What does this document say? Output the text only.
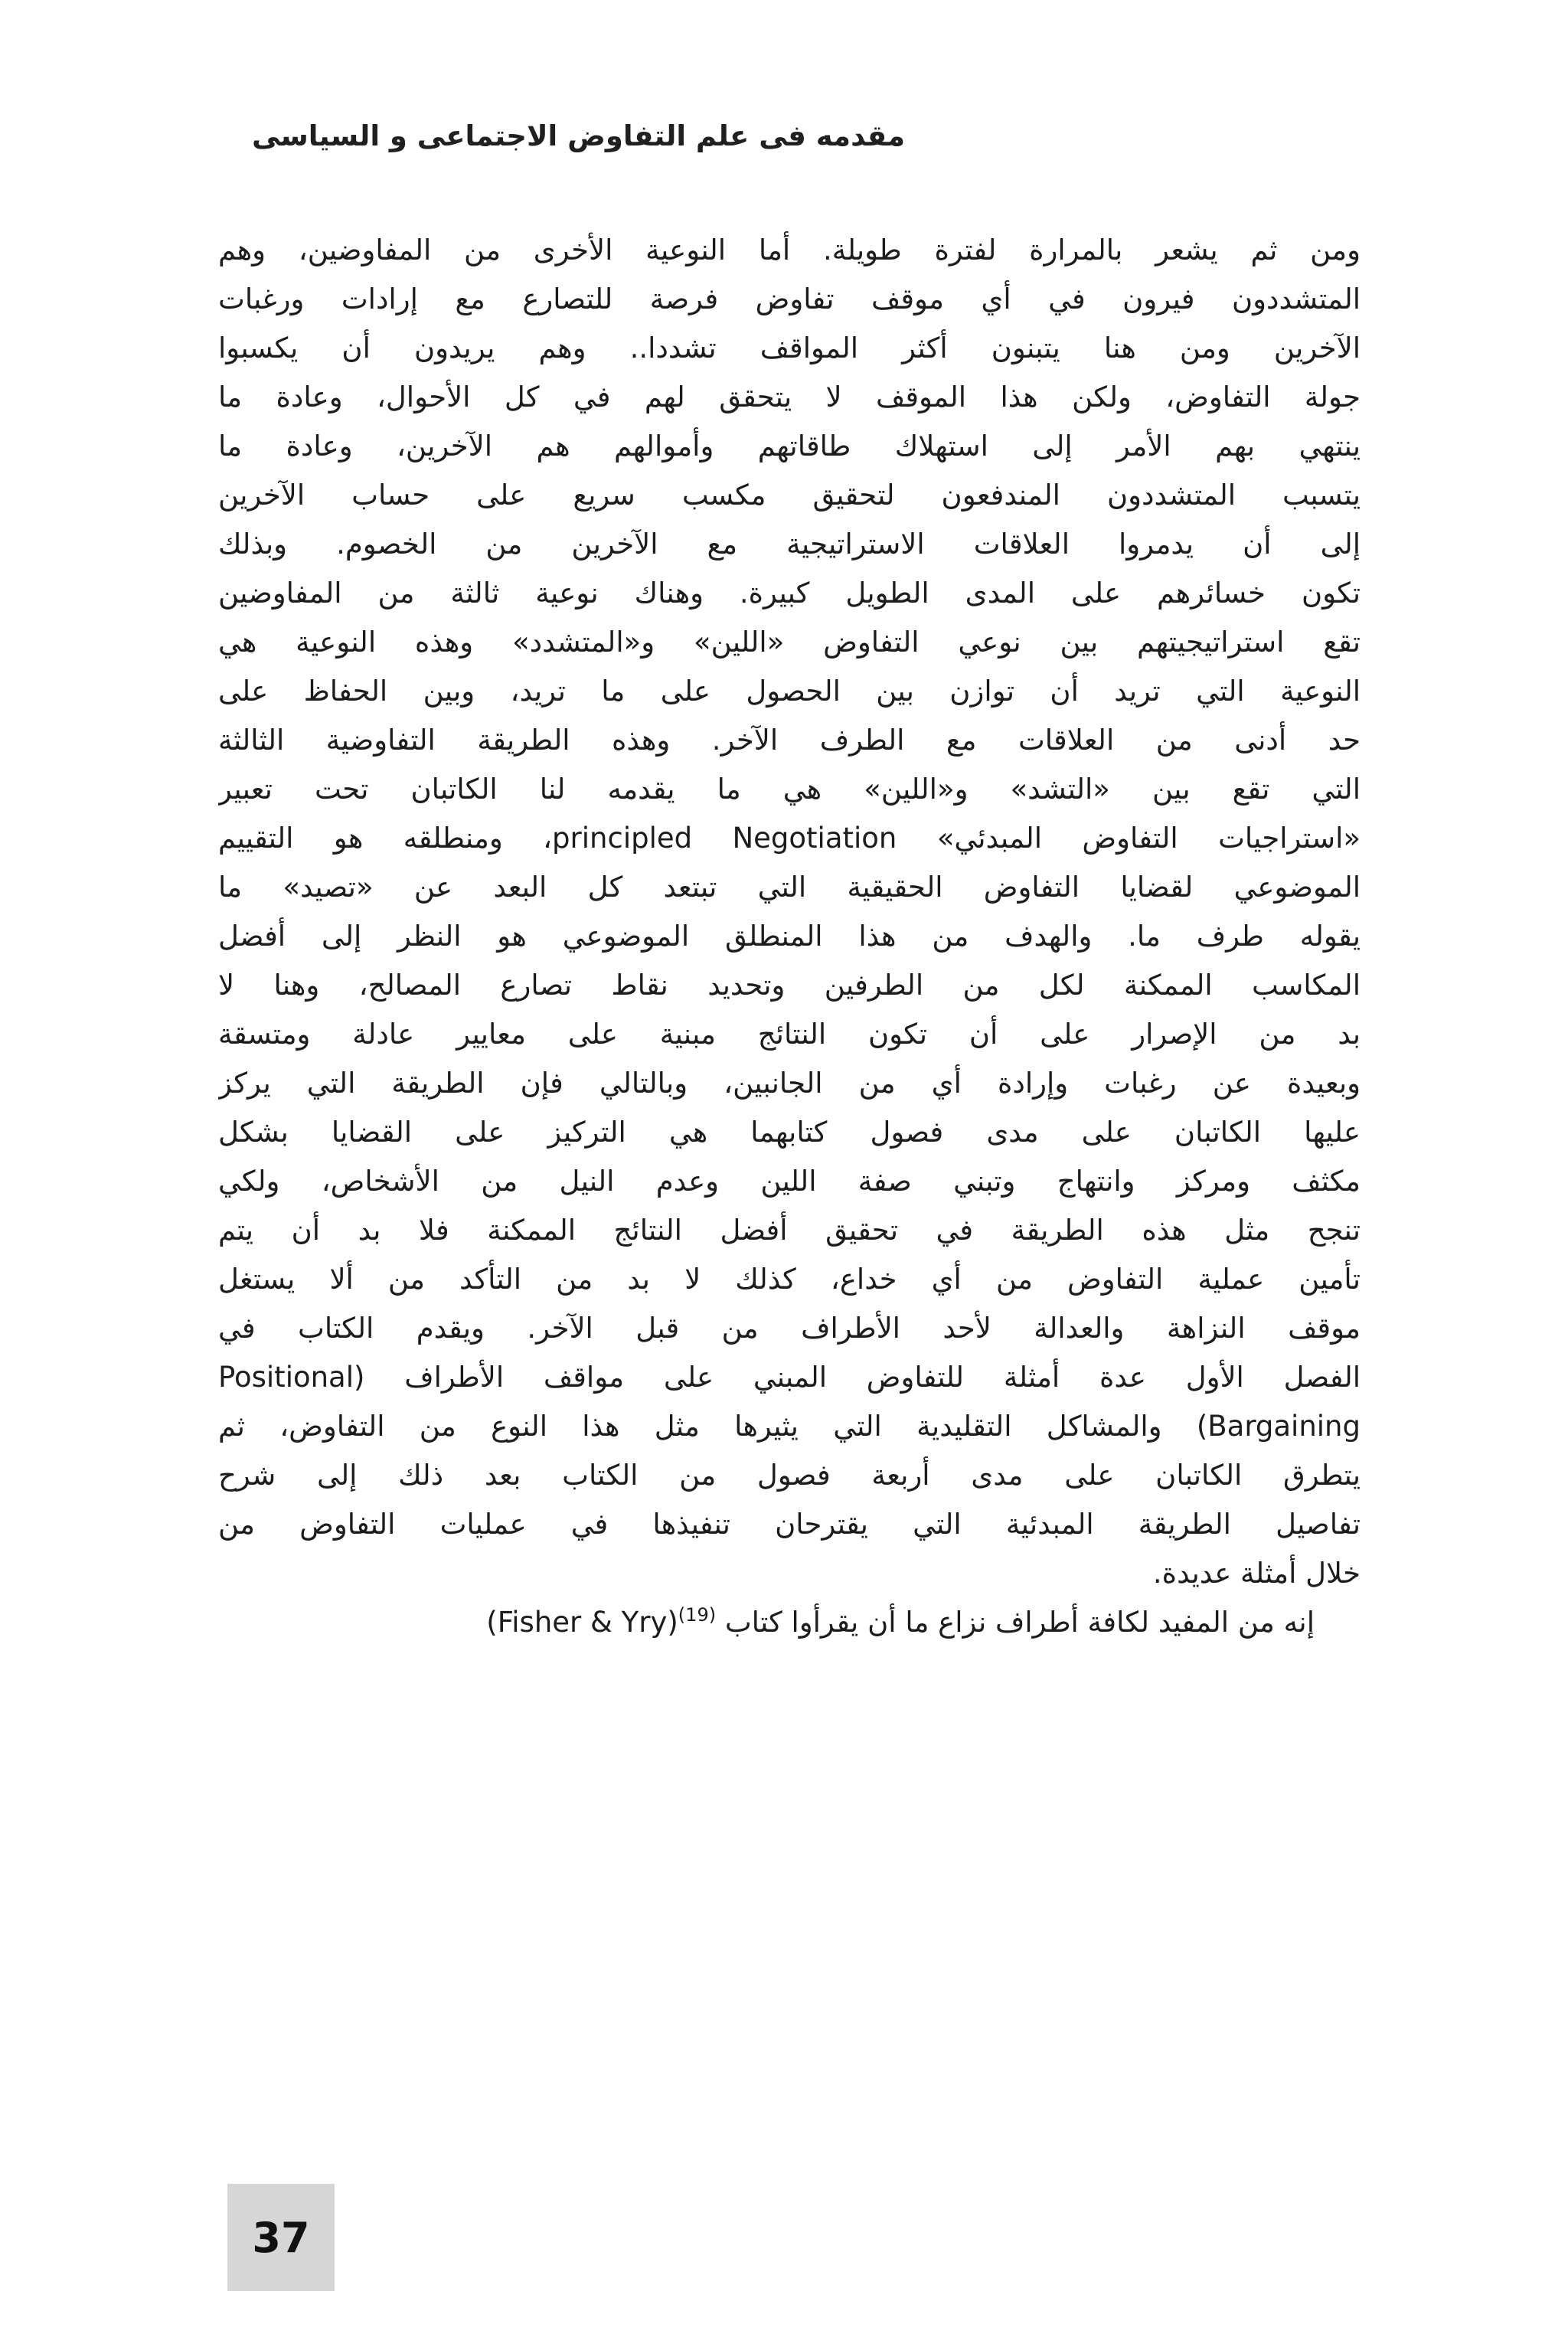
مقدمه فى علم التفاوض الاجتماعى و السياسى
ومن ثم يشعر بالمرارة لفترة طويلة. أما النوعية الأخرى من المفاوضين، وهم
المتشددون فيرون في أي موقف تفاوض فرصة للتصارع مع إرادات ورغبات
الآخرين ومن هنا يتبنون أكثر المواقف تشددا.. وهم يريدون أن يكسبوا
جولة التفاوض، ولكن هذا الموقف لا يتحقق لهم في كل الأحوال، وعادة ما
ينتهي بهم الأمر إلى استهلاك طاقاتهم وأموالهم هم الآخرين، وعادة ما
يتسبب المتشددون المندفعون لتحقيق مكسب سريع على حساب الآخرين
إلى أن يدمروا العلاقات الاستراتيجية مع الآخرين من الخصوم. وبذلك
تكون خسائرهم على المدى الطويل كبيرة. وهناك نوعية ثالثة من المفاوضين
تقع استراتيجيتهم بين نوعي التفاوض «اللين» و«المتشدد» وهذه النوعية هي
النوعية التي تريد أن توازن بين الحصول على ما تريد، وبين الحفاظ على
حد أدنى من العلاقات مع الطرف الآخر. وهذه الطريقة التفاوضية الثالثة
التي تقع بين «التشد» و«اللين» هي ما يقدمه لنا الكاتبان تحت تعبير
«استراجيات التفاوض المبدئي» principled Negotiation، ومنطلقه هو التقييم
الموضوعي لقضايا التفاوض الحقيقية التي تبتعد كل البعد عن «تصيد» ما
يقوله طرف ما. والهدف من هذا المنطلق الموضوعي هو النظر إلى أفضل
المكاسب الممكنة لكل من الطرفين وتحديد نقاط تصارع المصالح، وهنا لا
بد من الإصرار على أن تكون النتائج مبنية على معايير عادلة ومتسقة
وبعيدة عن رغبات وإرادة أي من الجانبين، وبالتالي فإن الطريقة التي يركز
عليها الكاتبان على مدى فصول كتابهما هي التركيز على القضايا بشكل
مكثف ومركز وانتهاج وتبني صفة اللين وعدم النيل من الأشخاص، ولكي
تنجح مثل هذه الطريقة في تحقيق أفضل النتائج الممكنة فلا بد أن يتم
تأمين عملية التفاوض من أي خداع، كذلك لا بد من التأكد من ألا يستغل
موقف النزاهة والعدالة لأحد الأطراف من قبل الآخر. ويقدم الكتاب في
الفصل الأول عدة أمثلة للتفاوض المبني على مواقف الأطراف (Positional
Bargaining) والمشاكل التقليدية التي يثيرها مثل هذا النوع من التفاوض، ثم
يتطرق الكاتبان على مدى أربعة فصول من الكتاب بعد ذلك إلى شرح
تفاصيل الطريقة المبدئية التي يقترحان تنفيذها في عمليات التفاوض من
خلال أمثلة عديدة.
إنه من المفيد لكافة أطراف نزاع ما أن يقرأوا كتاب $^{(19)}$(Fisher & Yry)
37
